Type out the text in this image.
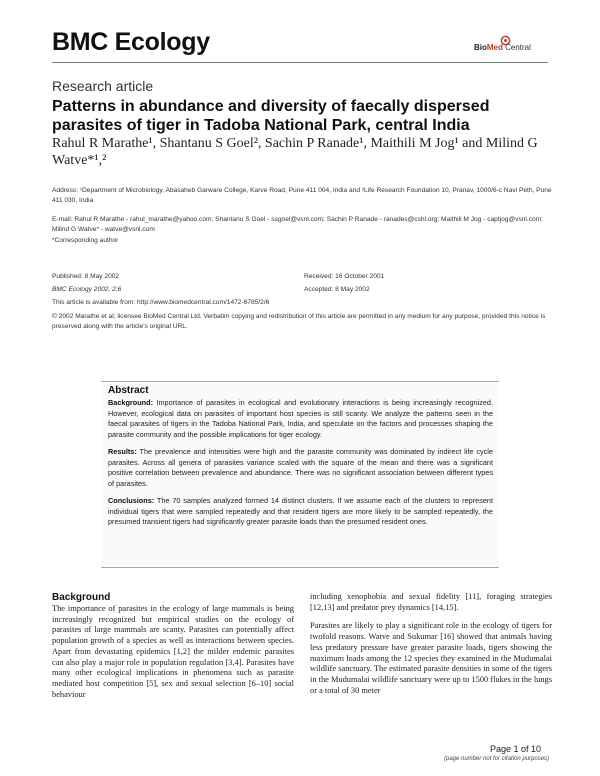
BMC Ecology	BioMed Central
Research article
Patterns in abundance and diversity of faecally dispersed parasites of tiger in Tadoba National Park, central India
Rahul R Marathe¹, Shantanu S Goel², Sachin P Ranade¹, Maithili M Jog¹ and Milind G Watve*¹,²
Address: ¹Department of Microbiology, Abasaheb Garware College, Karve Road, Pune 411 004, India and ²Life Research Foundation 10, Pranav, 1000/6-c Navi Peth, Pune 411 030, India
E-mail: Rahul R Marathe - rahul_marathe@yahoo.com; Shantanu S Goel - ssgoel@vsnl.com; Sachin P Ranade - ranades@cshl.org; Maithili M Jog - captjog@vsnl.com; Milind G Watve* - watve@vsnl.com
*Corresponding author
Published: 8 May 2002
BMC Ecology 2002, 2:6
Received: 16 October 2001
Accepted: 8 May 2002
This article is available from: http://www.biomedcentral.com/1472-6785/2/6
© 2002 Marathe et al; licensee BioMed Central Ltd. Verbatim copying and redistribution of this article are permitted in any medium for any purpose, provided this notice is preserved along with the article's original URL.
Abstract

Background: Importance of parasites in ecological and evolutionary interactions is being increasingly recognized. However, ecological data on parasites of important host species is still scanty. We analyze the patterns seen in the faecal parasites of tigers in the Tadoba National Park, India, and speculate on the factors and processes shaping the parasite community and the possible implications for tiger ecology.

Results: The prevalence and intensities were high and the parasite community was dominated by indirect life cycle parasites. Across all genera of parasites variance scaled with the square of the mean and there was a significant positive correlation between prevalence and abundance. There was no significant association between different types of parasites.

Conclusions: The 70 samples analyzed formed 14 distinct clusters. If we assume each of the clusters to represent individual tigers that were sampled repeatedly and that resident tigers are more likely to be sampled repeatedly, the presumed transient tigers had significantly greater parasite loads than the presumed resident ones.

Background

The importance of parasites in the ecology of large mammals is being increasingly recognized but empirical studies on the ecology of parasites of large mammals are scanty. Parasites can potentially affect population growth of a species as well as interactions between species. Apart from devastating epidemics [1,2] the milder endemic parasites can also play a major role in population regulation [3,4]. Parasites have many other ecological implications in phenomena such as parasite mediated host competition [5], sex and sexual selection [6–10] social behaviour

including xenophobia and sexual fidelity [11], foraging strategies [12,13] and predator prey dynamics [14,15].

Parasites are likely to play a significant role in the ecology of tigers for twofold reasons. Watve and Sukumar [16] showed that animals having less predatory pressure have greater parasite loads, tigers showing the maximum loads among the 12 species they examined in the Mudumalai wildlife sanctuary. The estimated parasite densities in some of the tigers in the Mudumalai wildlife sanctuary were up to 1500 flukes in the lungs or a total of 30 meter

Page 1 of 10
(page number not for citation purposes)
